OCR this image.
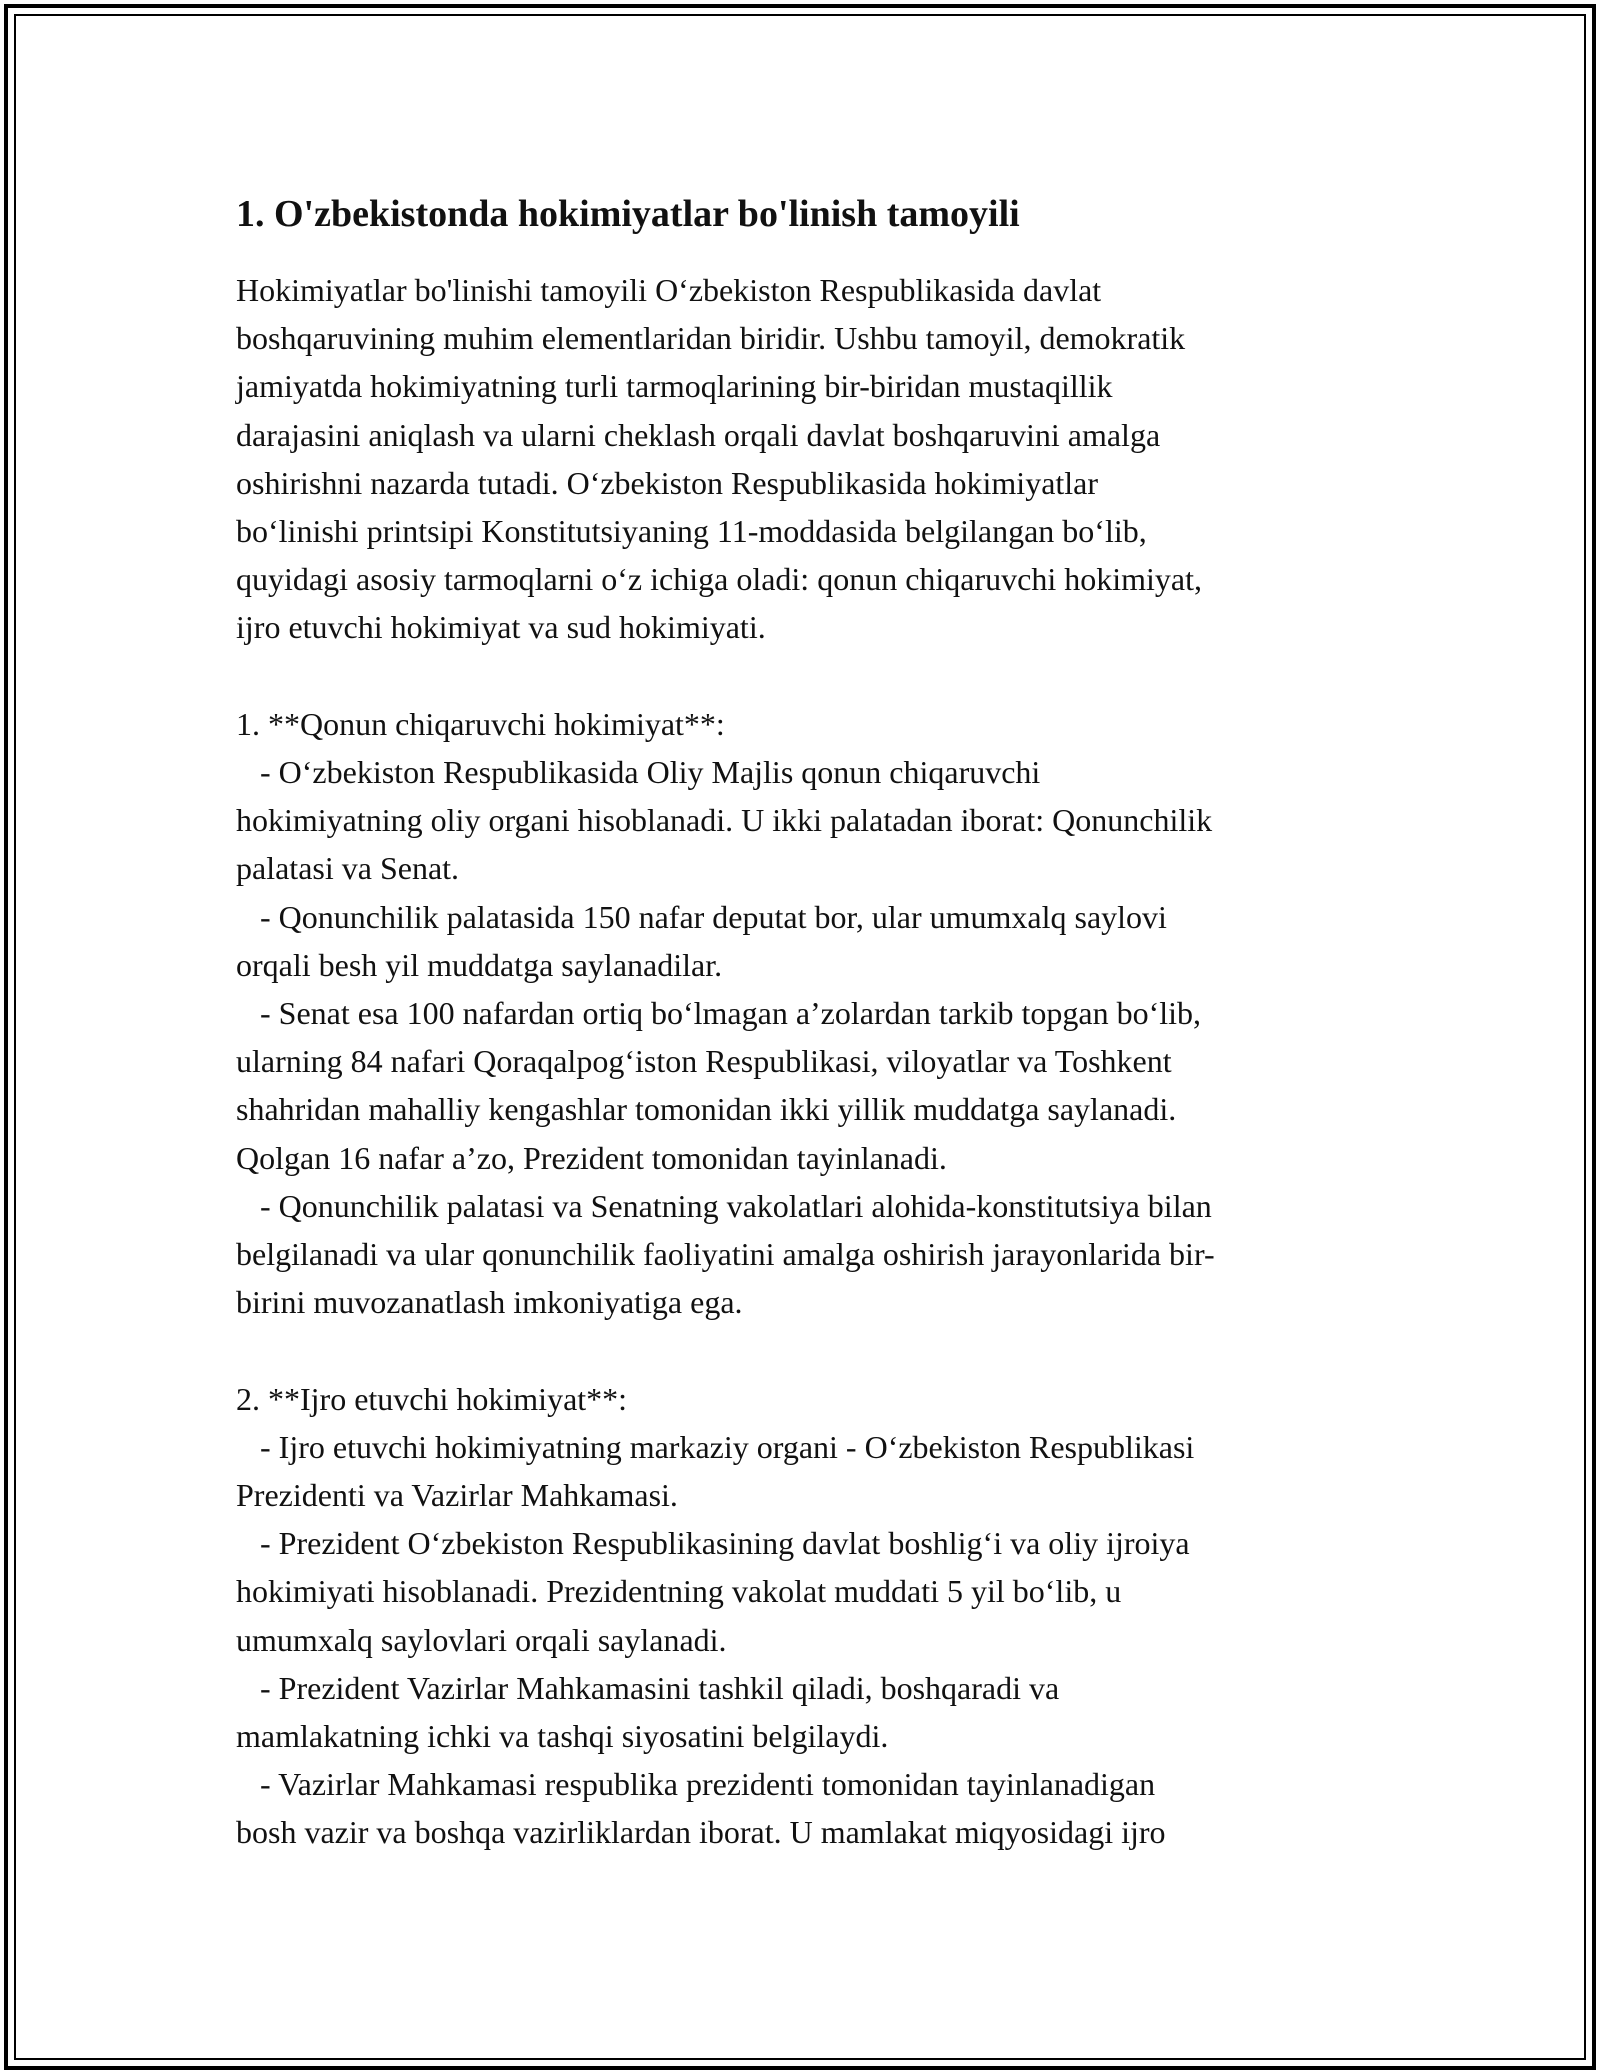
1. O'zbekistonda hokimiyatlar bo'linish tamoyili
Hokimiyatlar bo'linishi tamoyili O‘zbekiston Respublikasida davlat
boshqaruvining muhim elementlaridan biridir. Ushbu tamoyil, demokratik
jamiyatda hokimiyatning turli tarmoqlarining bir-biridan mustaqillik
darajasini aniqlash va ularni cheklash orqali davlat boshqaruvini amalga
oshirishni nazarda tutadi. O‘zbekiston Respublikasida hokimiyatlar
bo‘linishi printsipi Konstitutsiyaning 11-moddasida belgilangan bo‘lib,
quyidagi asosiy tarmoqlarni o‘z ichiga oladi: qonun chiqaruvchi hokimiyat,
ijro etuvchi hokimiyat va sud hokimiyati.
1. **Qonun chiqaruvchi hokimiyat**:
- O‘zbekiston Respublikasida Oliy Majlis qonun chiqaruvchi
hokimiyatning oliy organi hisoblanadi. U ikki palatadan iborat: Qonunchilik
palatasi va Senat.
- Qonunchilik palatasida 150 nafar deputat bor, ular umumxalq saylovi
orqali besh yil muddatga saylanadilar.
- Senat esa 100 nafardan ortiq bo‘lmagan a’zolardan tarkib topgan bo‘lib,
ularning 84 nafari Qoraqalpog‘iston Respublikasi, viloyatlar va Toshkent
shahridan mahalliy kengashlar tomonidan ikki yillik muddatga saylanadi.
Qolgan 16 nafar a’zo, Prezident tomonidan tayinlanadi.
- Qonunchilik palatasi va Senatning vakolatlari alohida-konstitutsiya bilan
belgilanadi va ular qonunchilik faoliyatini amalga oshirish jarayonlarida bir-
birini muvozanatlash imkoniyatiga ega.
2. **Ijro etuvchi hokimiyat**:
- Ijro etuvchi hokimiyatning markaziy organi - O‘zbekiston Respublikasi
Prezidenti va Vazirlar Mahkamasi.
- Prezident O‘zbekiston Respublikasining davlat boshlig‘i va oliy ijroiya
hokimiyati hisoblanadi. Prezidentning vakolat muddati 5 yil bo‘lib, u
umumxalq saylovlari orqali saylanadi.
- Prezident Vazirlar Mahkamasini tashkil qiladi, boshqaradi va
mamlakatning ichki va tashqi siyosatini belgilaydi.
- Vazirlar Mahkamasi respublika prezidenti tomonidan tayinlanadigan
bosh vazir va boshqa vazirliklardan iborat. U mamlakat miqyosidagi ijro
